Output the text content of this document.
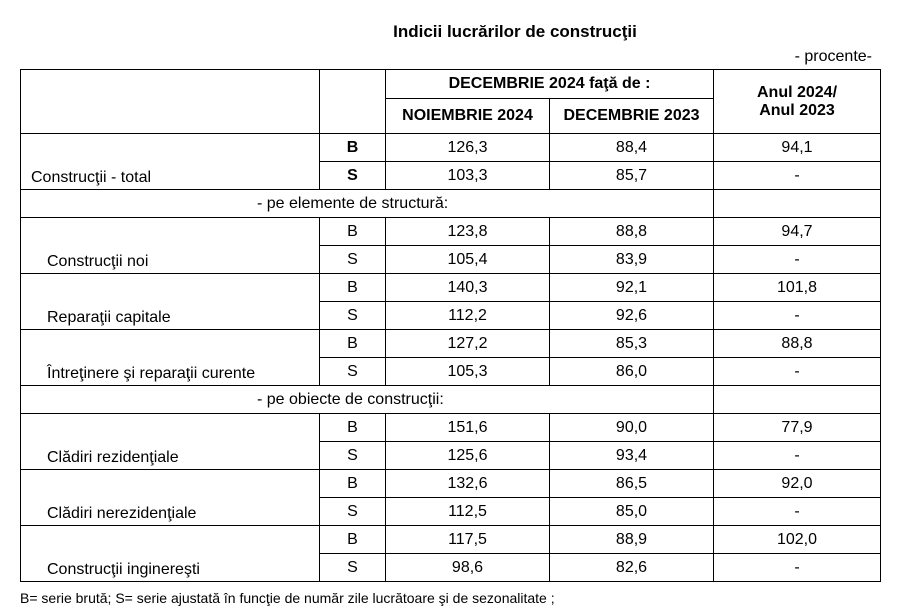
Indicii lucrărilor de construcţii
- procente-
		DECEMBRIE 2024 faţă de :		Anul 2024/
Anul 2023
		NOIEMBRIE 2024	DECEMBRIE 2023	
Construcţii - total	B	126,3	88,4	94,1
	S	103,3	85,7	-
- pe elemente de structură:				
Construcţii noi	B	123,8	88,8	94,7
	S	105,4	83,9	-
Reparaţii capitale	B	140,3	92,1	101,8
	S	112,2	92,6	-
Întreţinere şi reparaţii curente	B	127,2	85,3	88,8
	S	105,3	86,0	-
- pe obiecte de construcţii:				
Clădiri rezidenţiale	B	151,6	90,0	77,9
	S	125,6	93,4	-
Clădiri nerezidenţiale	B	132,6	86,5	92,0
	S	112,5	85,0	-
Construcţii inginereşti	B	117,5	88,9	102,0
	S	98,6	82,6	-
B= serie brută; S= serie ajustată în funcţie de număr zile lucrătoare şi de sezonalitate ;
